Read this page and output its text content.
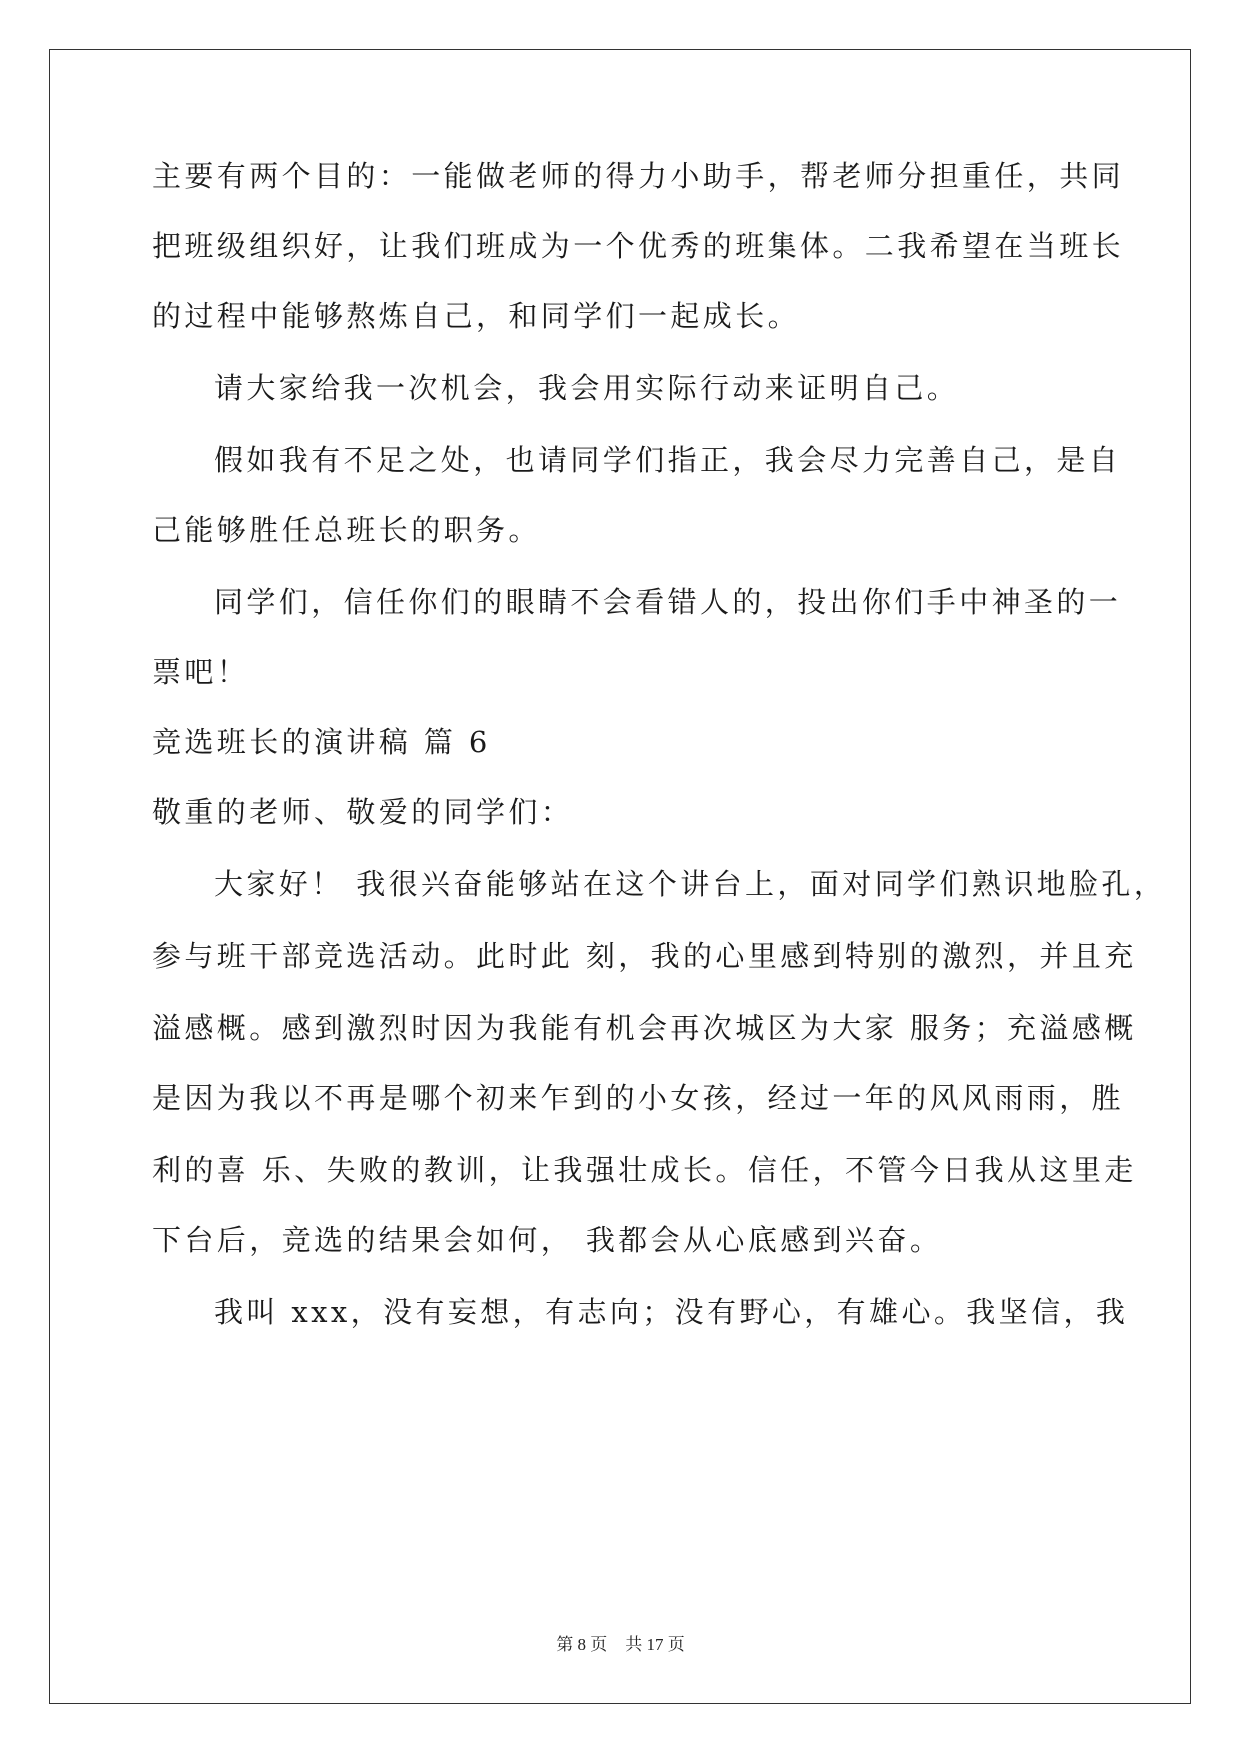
主要有两个目的：一能做老师的得力小助手，帮老师分担重任，共同
把班级组织好，让我们班成为一个优秀的班集体。二我希望在当班长
的过程中能够熬炼自己，和同学们一起成长。
请大家给我一次机会，我会用实际行动来证明自己。
假如我有不足之处，也请同学们指正，我会尽力完善自己，是自
己能够胜任总班长的职务。
同学们，信任你们的眼睛不会看错人的，投出你们手中神圣的一
票吧！
竞选班长的演讲稿 篇 6
敬重的老师、敬爱的同学们：
大家好！ 我很兴奋能够站在这个讲台上，面对同学们熟识地脸孔，
参与班干部竞选活动。此时此 刻，我的心里感到特别的激烈，并且充
溢感概。感到激烈时因为我能有机会再次城区为大家 服务；充溢感概
是因为我以不再是哪个初来乍到的小女孩，经过一年的风风雨雨，胜
利的喜 乐、失败的教训，让我强壮成长。信任，不管今日我从这里走
下台后，竞选的结果会如何， 我都会从心底感到兴奋。
我叫 xxx，没有妄想，有志向；没有野心，有雄心。我坚信，我
第 8 页 共 17 页
